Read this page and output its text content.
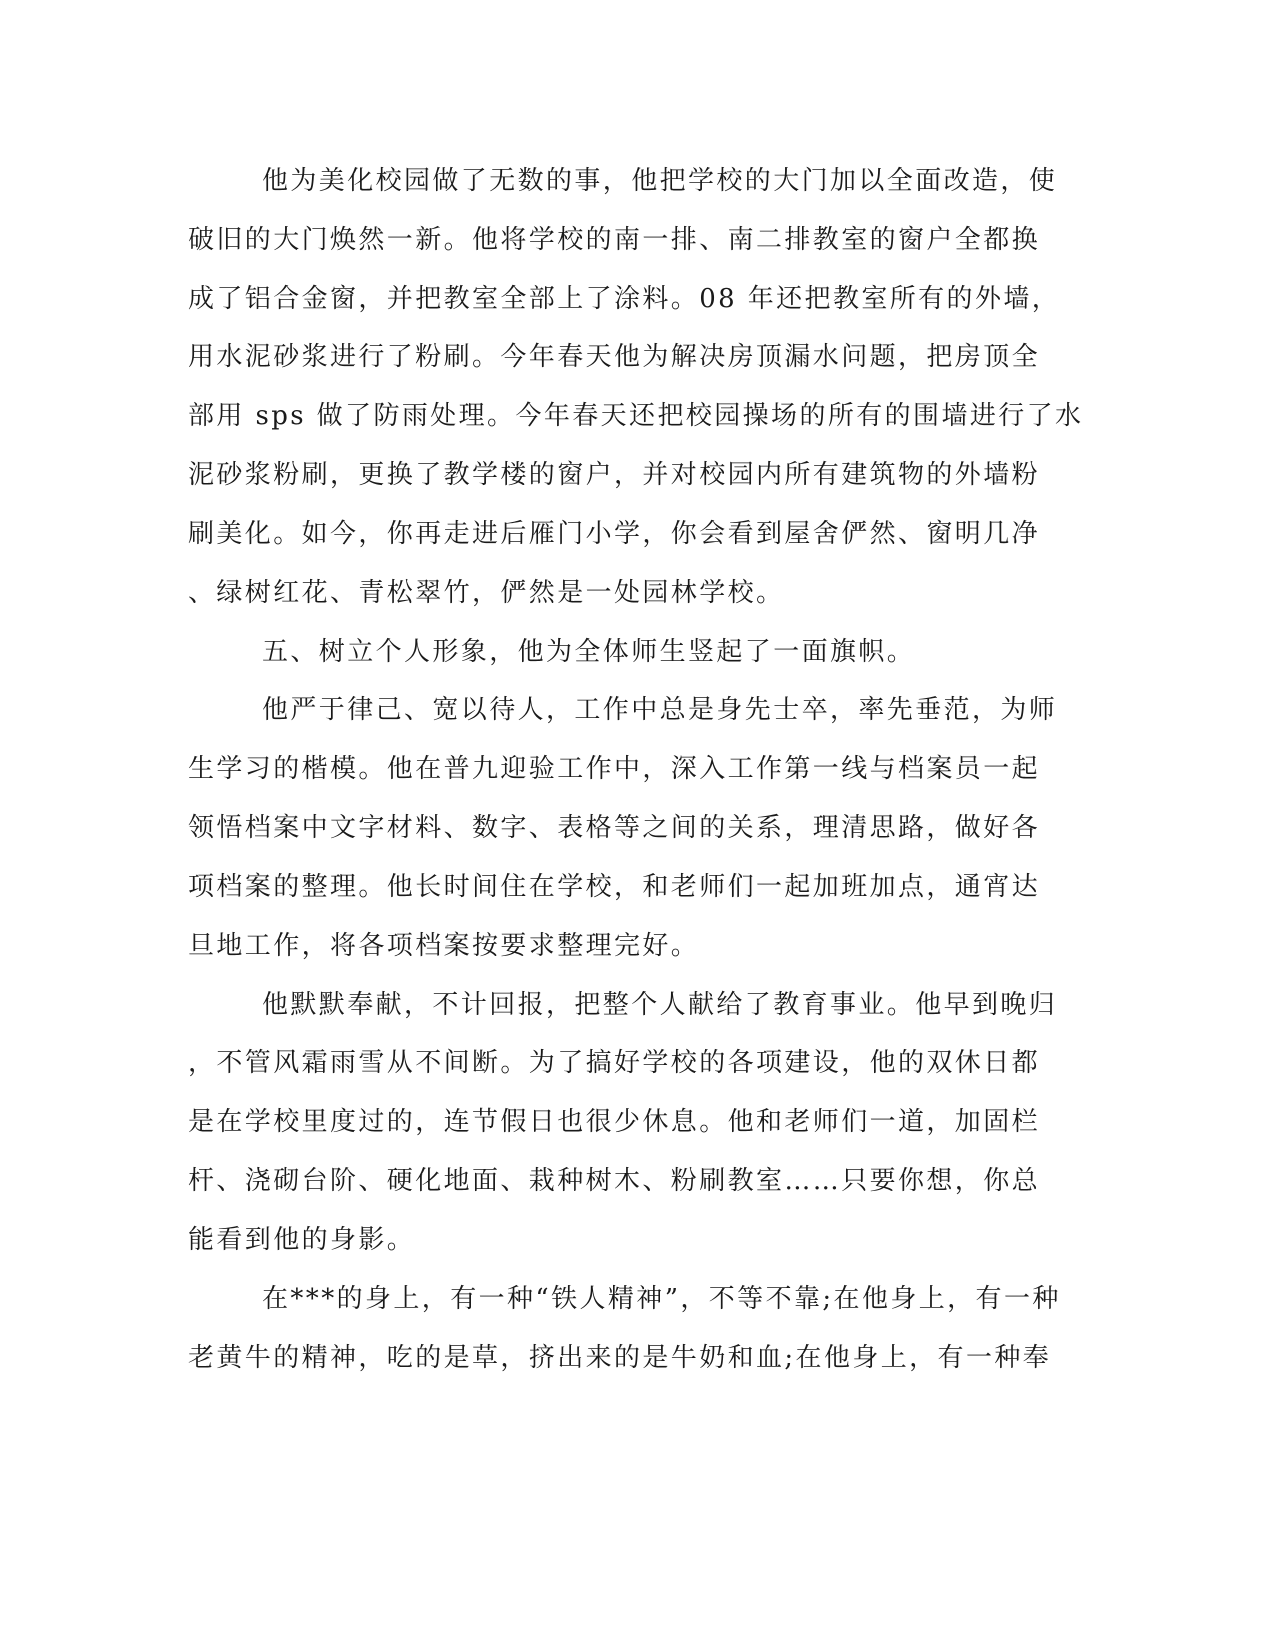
他为美化校园做了无数的事，他把学校的大门加以全面改造，使
破旧的大门焕然一新。他将学校的南一排、南二排教室的窗户全都换
成了铝合金窗，并把教室全部上了涂料。08 年还把教室所有的外墙，
用水泥砂浆进行了粉刷。今年春天他为解决房顶漏水问题，把房顶全
部用 sps 做了防雨处理。今年春天还把校园操场的所有的围墙进行了水
泥砂浆粉刷，更换了教学楼的窗户，并对校园内所有建筑物的外墙粉
刷美化。如今，你再走进后雁门小学，你会看到屋舍俨然、窗明几净
、绿树红花、青松翠竹，俨然是一处园林学校。
五、树立个人形象，他为全体师生竖起了一面旗帜。
他严于律己、宽以待人，工作中总是身先士卒，率先垂范，为师
生学习的楷模。他在普九迎验工作中，深入工作第一线与档案员一起
领悟档案中文字材料、数字、表格等之间的关系，理清思路，做好各
项档案的整理。他长时间住在学校，和老师们一起加班加点，通宵达
旦地工作，将各项档案按要求整理完好。
他默默奉献，不计回报，把整个人献给了教育事业。他早到晚归
，不管风霜雨雪从不间断。为了搞好学校的各项建设，他的双休日都
是在学校里度过的，连节假日也很少休息。他和老师们一道，加固栏
杆、浇砌台阶、硬化地面、栽种树木、粉刷教室……只要你想，你总
能看到他的身影。
在***的身上，有一种“铁人精神”，不等不靠;在他身上，有一种
老黄牛的精神，吃的是草，挤出来的是牛奶和血;在他身上，有一种奉
